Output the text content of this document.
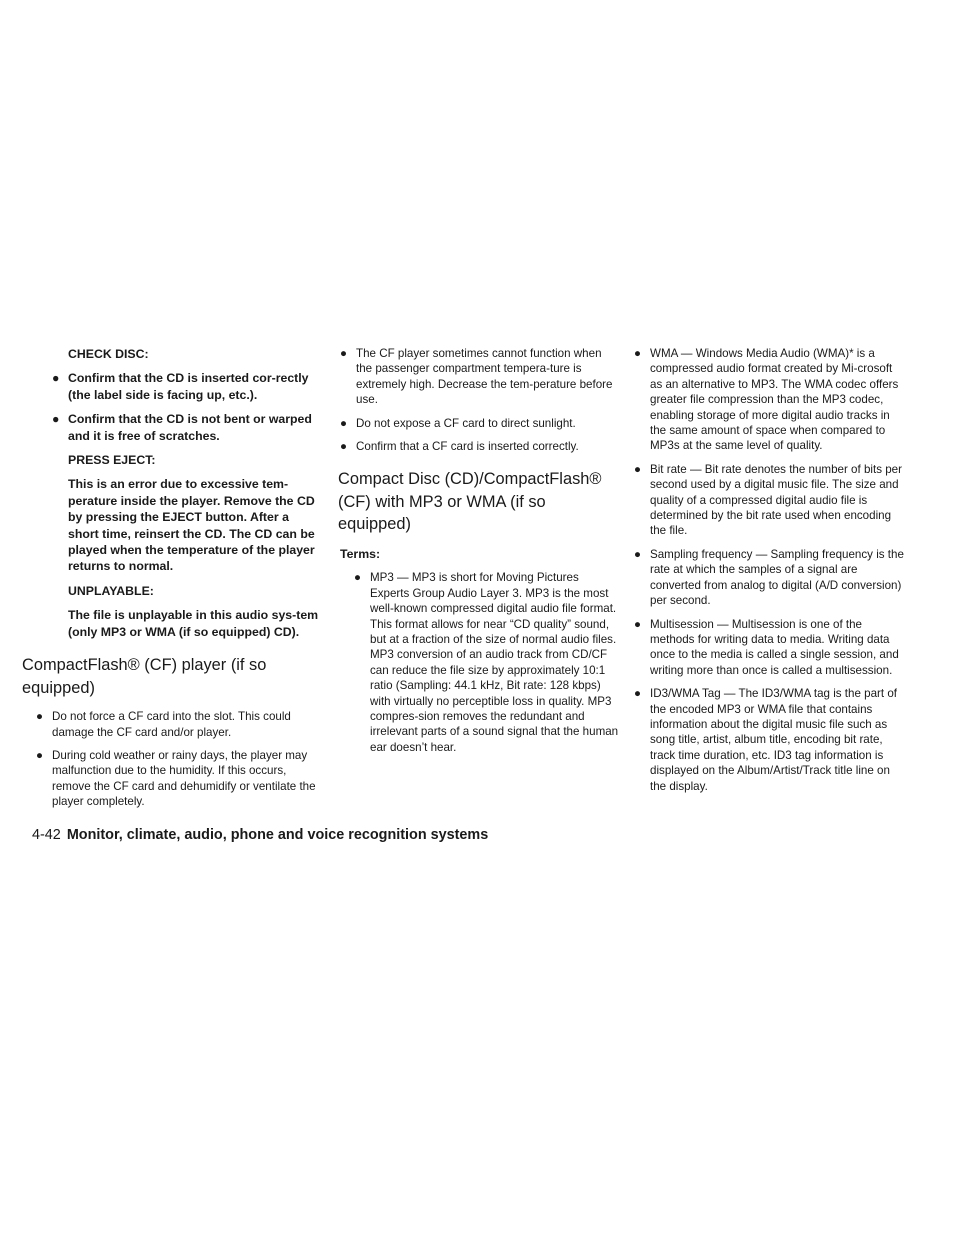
CHECK DISC:

● Confirm that the CD is inserted cor-rectly (the label side is facing up, etc.).
● Confirm that the CD is not bent or warped and it is free of scratches.

PRESS EJECT:

This is an error due to excessive tem-perature inside the player. Remove the CD by pressing the EJECT button. After a short time, reinsert the CD. The CD can be played when the temperature of the player returns to normal.

UNPLAYABLE:

The file is unplayable in this audio sys-tem (only MP3 or WMA (if so equipped) CD).

CompactFlash® (CF) player (if so equipped)
● Do not force a CF card into the slot. This could damage the CF card and/or player.
● During cold weather or rainy days, the player may malfunction due to the humidity. If this occurs, remove the CF card and dehumidify or ventilate the player completely.
● The CF player sometimes cannot function when the passenger compartment tempera-ture is extremely high. Decrease the tem-perature before use.
● Do not expose a CF card to direct sunlight.
● Confirm that a CF card is inserted correctly.
Compact Disc (CD)/CompactFlash® (CF) with MP3 or WMA (if so equipped)

Terms:

● MP3 — MP3 is short for Moving Pictures Experts Group Audio Layer 3. MP3 is the most well-known compressed digital audio file format. This format allows for near “CD quality” sound, but at a fraction of the size of normal audio files. MP3 conversion of an audio track from CD/CF can reduce the file size by approximately 10:1 ratio (Sampling: 44.1 kHz, Bit rate: 128 kbps) with virtually no perceptible loss in quality. MP3 compres-sion removes the redundant and irrelevant parts of a sound signal that the human ear doesn’t hear.
● WMA — Windows Media Audio (WMA)* is a compressed audio format created by Mi-crosoft as an alternative to MP3. The WMA codec offers greater file compression than the MP3 codec, enabling storage of more digital audio tracks in the same amount of space when compared to MP3s at the same level of quality.
● Bit rate — Bit rate denotes the number of bits per second used by a digital music file. The size and quality of a compressed digital audio file is determined by the bit rate used when encoding the file.
● Sampling frequency — Sampling frequency is the rate at which the samples of a signal are converted from analog to digital (A/D conversion) per second.
● Multisession — Multisession is one of the methods for writing data to media. Writing data once to the media is called a single session, and writing more than once is called a multisession.
● ID3/WMA Tag — The ID3/WMA tag is the part of the encoded MP3 or WMA file that contains information about the digital music file such as song title, artist, album title, encoding bit rate, track time duration, etc. ID3 tag information is displayed on the Album/Artist/Track title line on the display.
4-42 Monitor, climate, audio, phone and voice recognition systems
